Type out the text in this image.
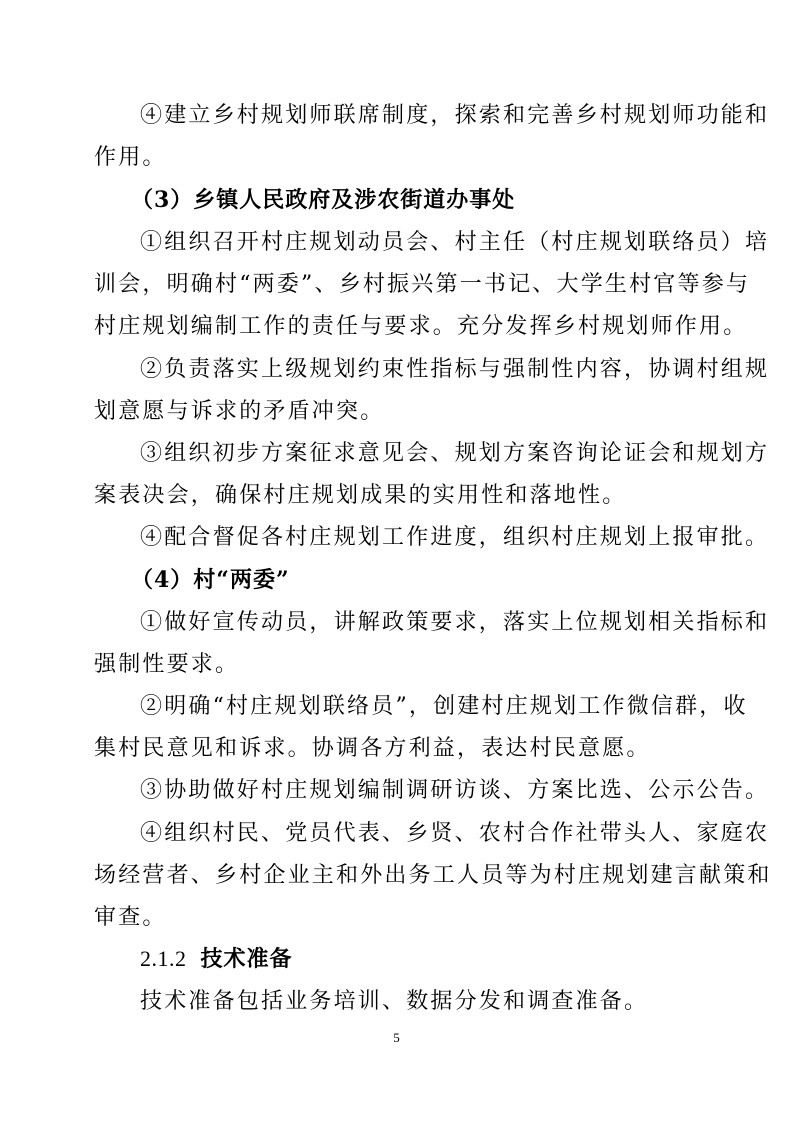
④建立乡村规划师联席制度，探索和完善乡村规划师功能和
作用。
（3）乡镇人民政府及涉农街道办事处
①组织召开村庄规划动员会、村主任（村庄规划联络员）培
训会，明确村“两委”、乡村振兴第一书记、大学生村官等参与
村庄规划编制工作的责任与要求。充分发挥乡村规划师作用。
②负责落实上级规划约束性指标与强制性内容，协调村组规
划意愿与诉求的矛盾冲突。
③组织初步方案征求意见会、规划方案咨询论证会和规划方
案表决会，确保村庄规划成果的实用性和落地性。
④配合督促各村庄规划工作进度，组织村庄规划上报审批。
（4）村“两委”
①做好宣传动员，讲解政策要求，落实上位规划相关指标和
强制性要求。
②明确“村庄规划联络员”，创建村庄规划工作微信群，收
集村民意见和诉求。协调各方利益，表达村民意愿。
③协助做好村庄规划编制调研访谈、方案比选、公示公告。
④组织村民、党员代表、乡贤、农村合作社带头人、家庭农
场经营者、乡村企业主和外出务工人员等为村庄规划建言献策和
审查。
2.1.2 技术准备
技术准备包括业务培训、数据分发和调查准备。
5
